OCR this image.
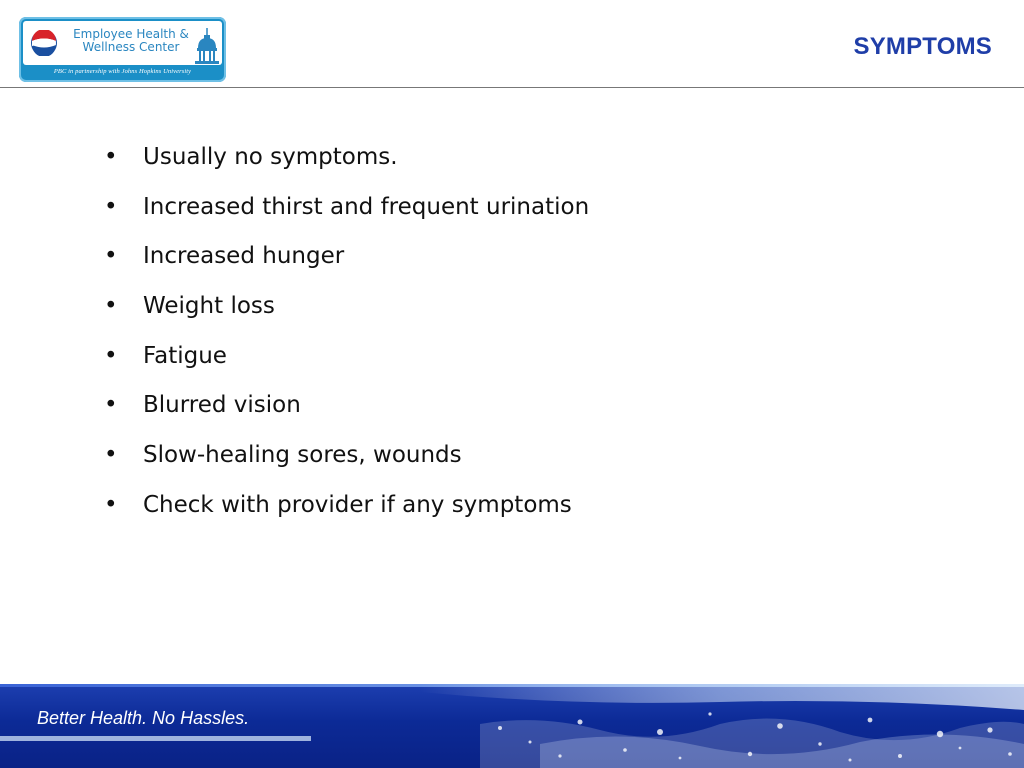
Employee Health &
Wellness Center
PBC in partnership with Johns Hopkins University
SYMPTOMS
• Usually no symptoms.
• Increased thirst and frequent urination
• Increased hunger
• Weight loss
• Fatigue
• Blurred vision
• Slow-healing sores, wounds
• Check with provider if any symptoms
Better Health. No Hassles.
